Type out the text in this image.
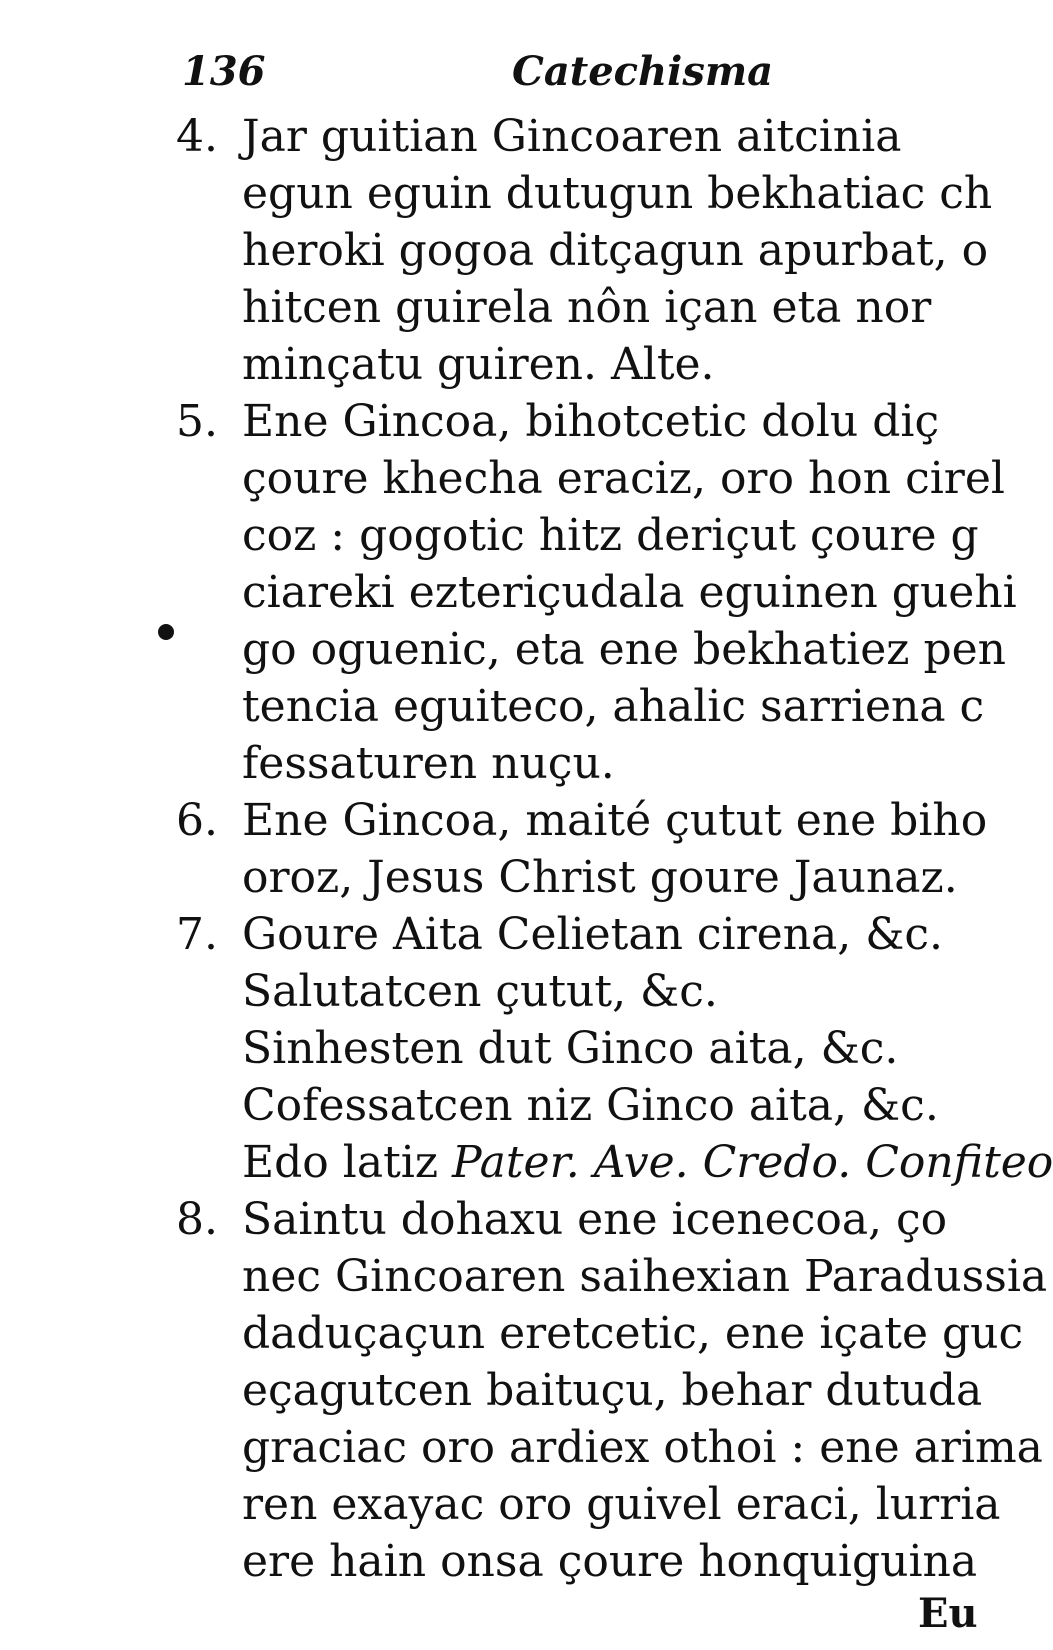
136	Catechisma
4. Jar guitian Gincoaren aitcinia
egun eguin dutugun bekhatiac ch
heroki gogoa ditçagun apurbat, o
hitcen guirela nôn içan eta nor
minçatu guiren. Alte.
5. Ene Gincoa, bihotcetic dolu diç
çoure khecha eraciz, oro hon cirel
coz : gogotic hitz deriçut çoure g
ciareki ezteriçudala eguinen guehi
go oguenic, eta ene bekhatiez pen
tencia eguiteco, ahalic sarriena c
fessaturen nuçu.
6. Ene Gincoa, maité çutut ene biho
oroz, Jesus Christ goure Jaunaz.
7. Goure Aita Celietan cirena, &c.
Salutatcen çutut, &c.
Sinhesten dut Ginco aita, &c.
Cofessatcen niz Ginco aita, &c.
Edo latiz Pater. Ave. Credo. Confiteo
8. Saintu dohaxu ene icenecoa, ço
nec Gincoaren saihexian Paradussia
daduçaçun eretcetic, ene içate guc
eçagutcen baituçu, behar dutuda
graciac oro ardiex othoi : ene arima
ren exayac oro guivel eraci, lurria
ere hain onsa çoure honquiguina
Eu
